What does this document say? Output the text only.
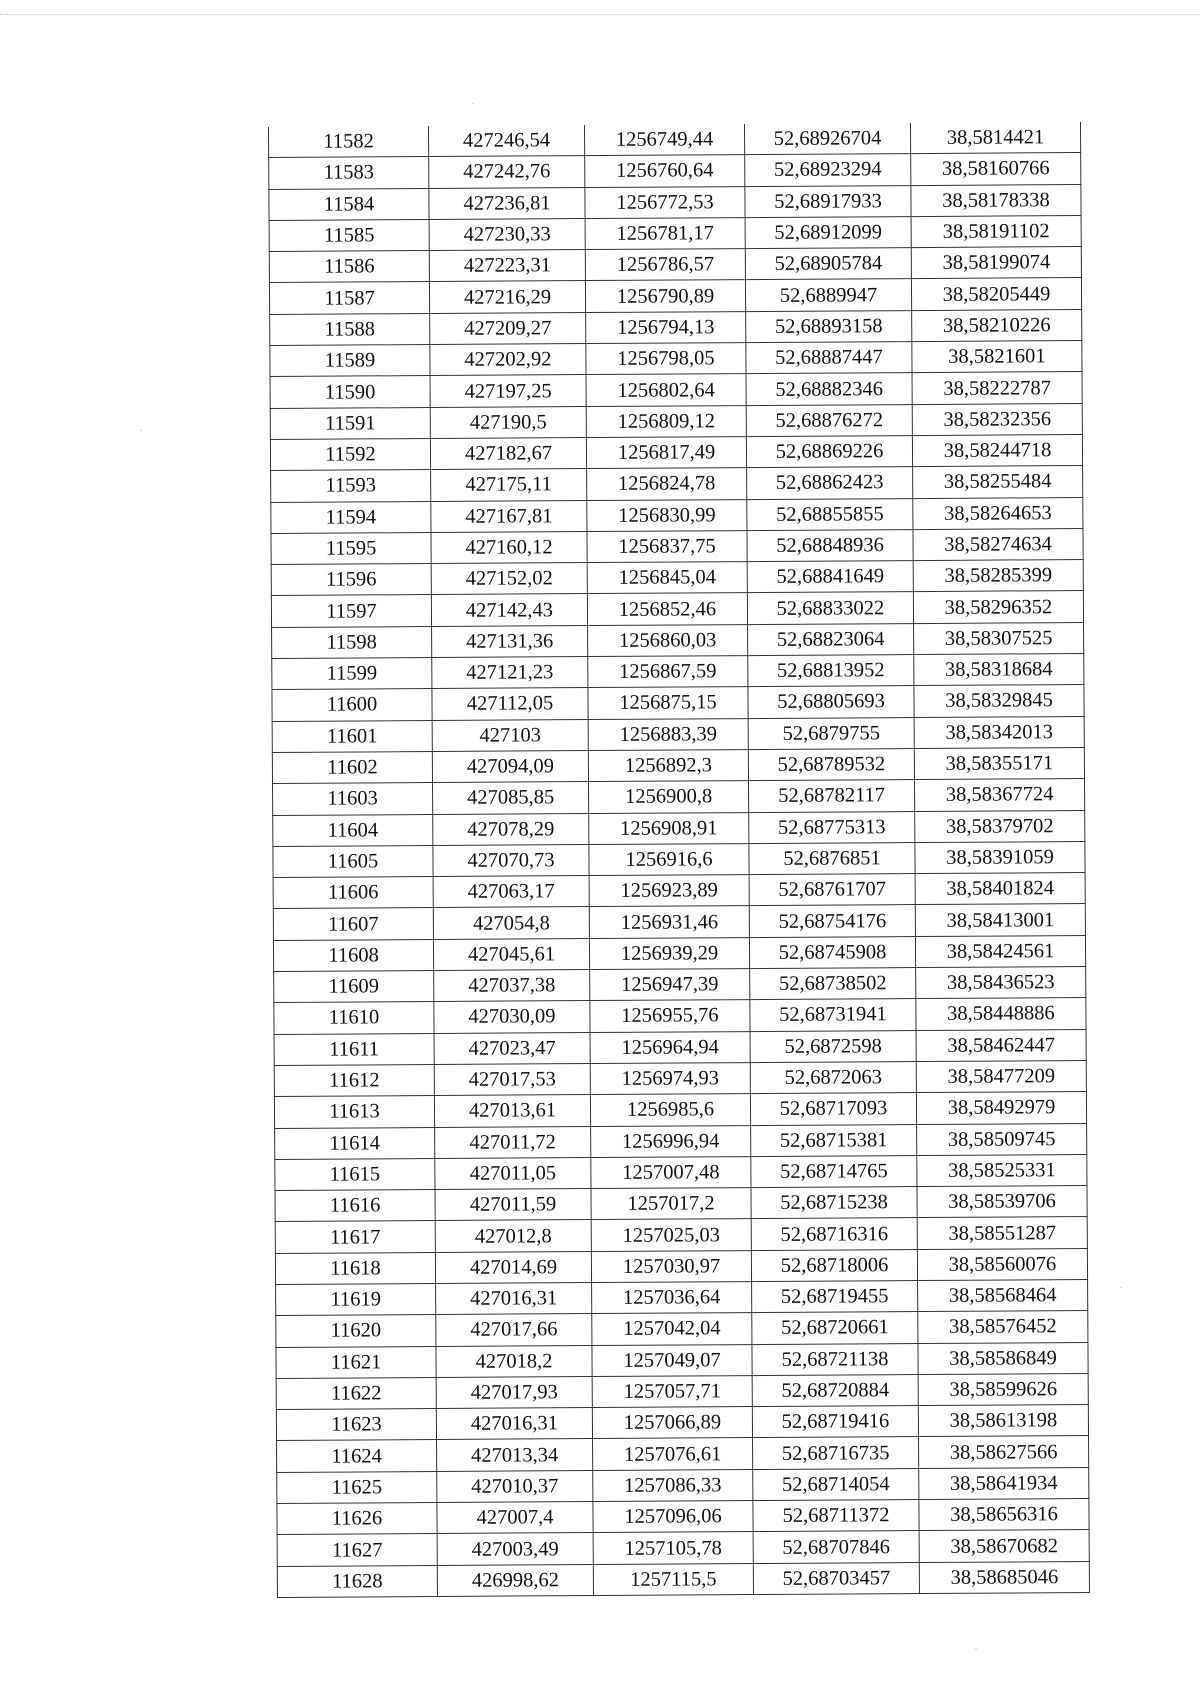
11582	427246,54	1256749,44	52,68926704	38,5814421
11583	427242,76	1256760,64	52,68923294	38,58160766
11584	427236,81	1256772,53	52,68917933	38,58178338
11585	427230,33	1256781,17	52,68912099	38,58191102
11586	427223,31	1256786,57	52,68905784	38,58199074
11587	427216,29	1256790,89	52,6889947	38,58205449
11588	427209,27	1256794,13	52,68893158	38,58210226
11589	427202,92	1256798,05	52,68887447	38,5821601
11590	427197,25	1256802,64	52,68882346	38,58222787
11591	427190,5	1256809,12	52,68876272	38,58232356
11592	427182,67	1256817,49	52,68869226	38,58244718
11593	427175,11	1256824,78	52,68862423	38,58255484
11594	427167,81	1256830,99	52,68855855	38,58264653
11595	427160,12	1256837,75	52,68848936	38,58274634
11596	427152,02	1256845,04	52,68841649	38,58285399
11597	427142,43	1256852,46	52,68833022	38,58296352
11598	427131,36	1256860,03	52,68823064	38,58307525
11599	427121,23	1256867,59	52,68813952	38,58318684
11600	427112,05	1256875,15	52,68805693	38,58329845
11601	427103	1256883,39	52,6879755	38,58342013
11602	427094,09	1256892,3	52,68789532	38,58355171
11603	427085,85	1256900,8	52,68782117	38,58367724
11604	427078,29	1256908,91	52,68775313	38,58379702
11605	427070,73	1256916,6	52,6876851	38,58391059
11606	427063,17	1256923,89	52,68761707	38,58401824
11607	427054,8	1256931,46	52,68754176	38,58413001
11608	427045,61	1256939,29	52,68745908	38,58424561
11609	427037,38	1256947,39	52,68738502	38,58436523
11610	427030,09	1256955,76	52,68731941	38,58448886
11611	427023,47	1256964,94	52,6872598	38,58462447
11612	427017,53	1256974,93	52,6872063	38,58477209
11613	427013,61	1256985,6	52,68717093	38,58492979
11614	427011,72	1256996,94	52,68715381	38,58509745
11615	427011,05	1257007,48	52,68714765	38,58525331
11616	427011,59	1257017,2	52,68715238	38,58539706
11617	427012,8	1257025,03	52,68716316	38,58551287
11618	427014,69	1257030,97	52,68718006	38,58560076
11619	427016,31	1257036,64	52,68719455	38,58568464
11620	427017,66	1257042,04	52,68720661	38,58576452
11621	427018,2	1257049,07	52,68721138	38,58586849
11622	427017,93	1257057,71	52,68720884	38,58599626
11623	427016,31	1257066,89	52,68719416	38,58613198
11624	427013,34	1257076,61	52,68716735	38,58627566
11625	427010,37	1257086,33	52,68714054	38,58641934
11626	427007,4	1257096,06	52,68711372	38,58656316
11627	427003,49	1257105,78	52,68707846	38,58670682
11628	426998,62	1257115,5	52,68703457	38,58685046
